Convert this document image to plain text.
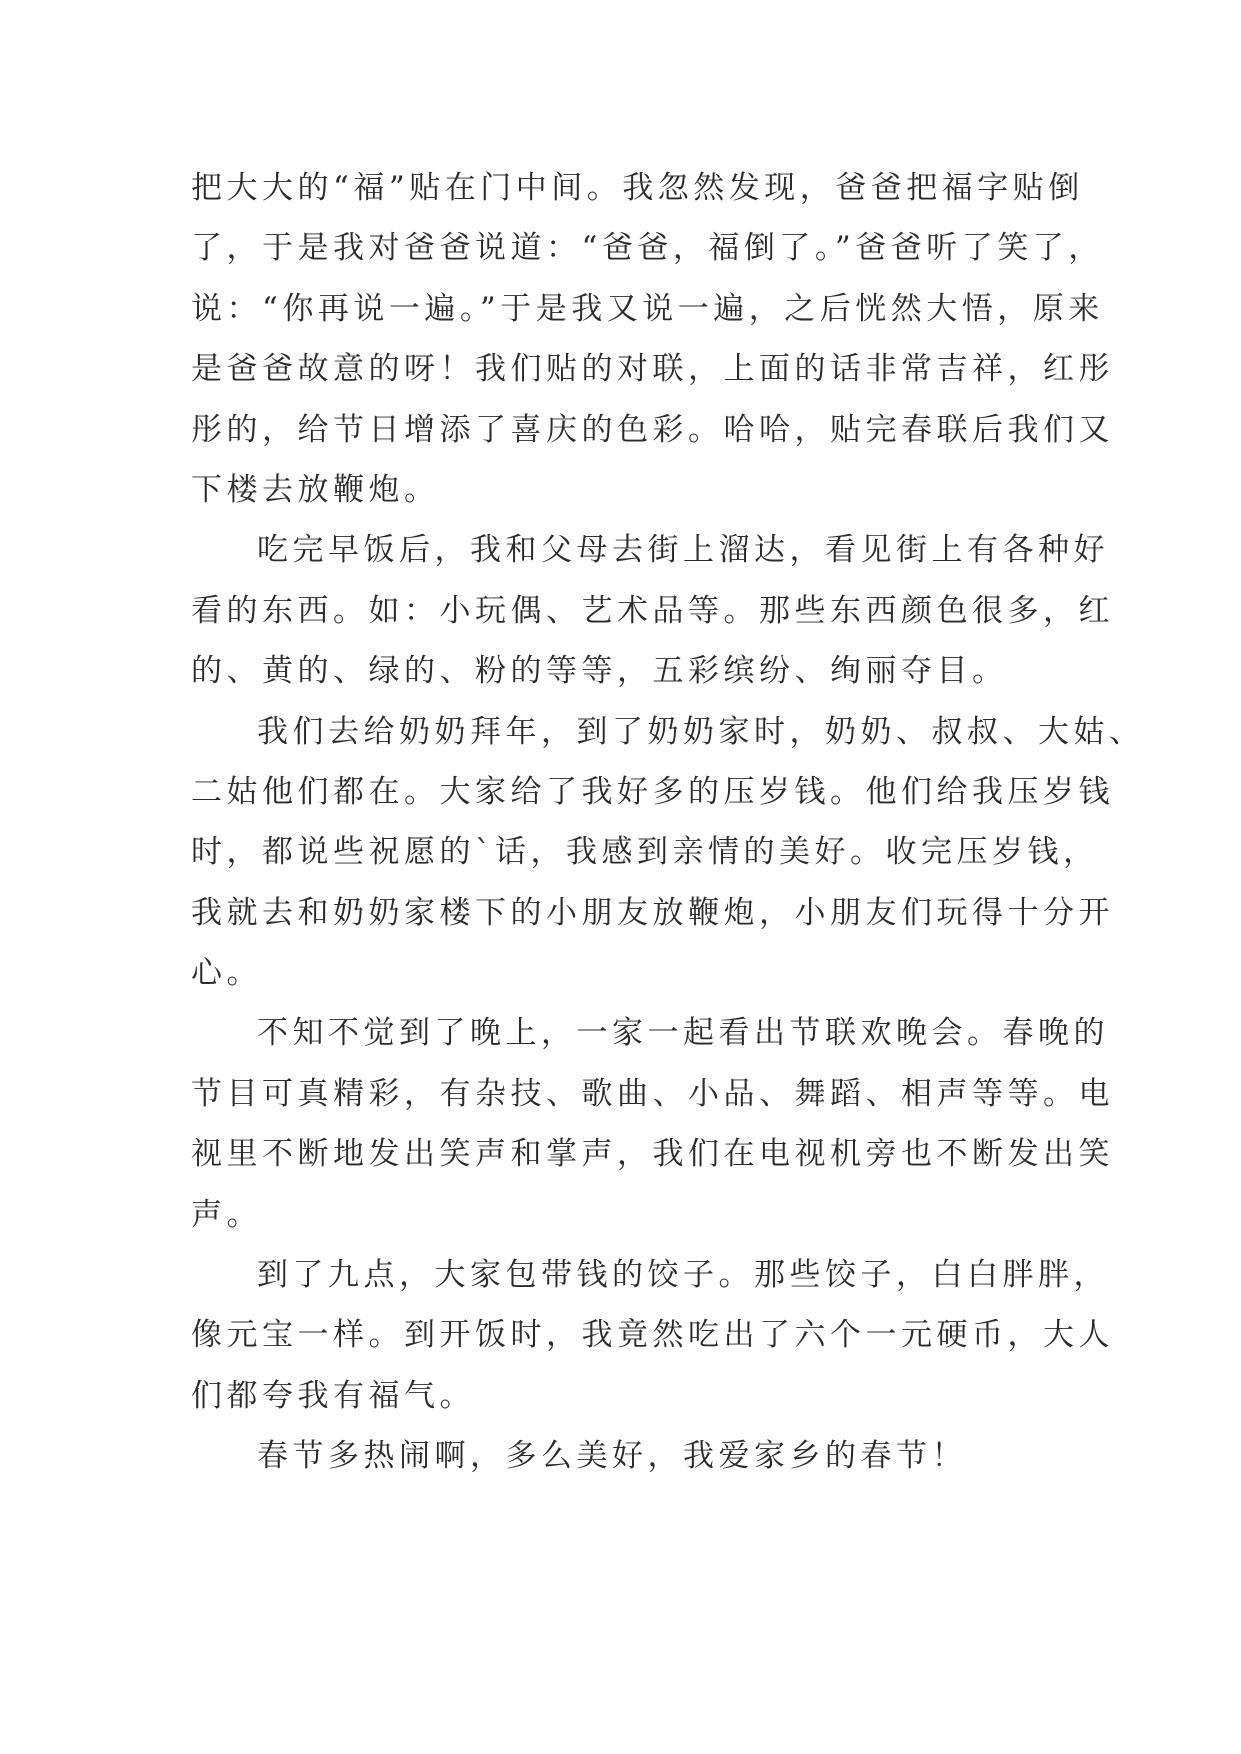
把大大的“福”贴在门中间。我忽然发现，爸爸把福字贴倒
了，于是我对爸爸说道：“爸爸，福倒了。”爸爸听了笑了，
说：“你再说一遍。”于是我又说一遍，之后恍然大悟，原来
是爸爸故意的呀！我们贴的对联，上面的话非常吉祥，红彤
彤的，给节日增添了喜庆的色彩。哈哈，贴完春联后我们又
下楼去放鞭炮。
吃完早饭后，我和父母去街上溜达，看见街上有各种好
看的东西。如：小玩偶、艺术品等。那些东西颜色很多，红
的、黄的、绿的、粉的等等，五彩缤纷、绚丽夺目。
我们去给奶奶拜年，到了奶奶家时，奶奶、叔叔、大姑、
二姑他们都在。大家给了我好多的压岁钱。他们给我压岁钱
时，都说些祝愿的`话，我感到亲情的美好。收完压岁钱，
我就去和奶奶家楼下的小朋友放鞭炮，小朋友们玩得十分开
心。
不知不觉到了晚上，一家一起看出节联欢晚会。春晚的
节目可真精彩，有杂技、歌曲、小品、舞蹈、相声等等。电
视里不断地发出笑声和掌声，我们在电视机旁也不断发出笑
声。
到了九点，大家包带钱的饺子。那些饺子，白白胖胖，
像元宝一样。到开饭时，我竟然吃出了六个一元硬币，大人
们都夸我有福气。
春节多热闹啊，多么美好，我爱家乡的春节！
